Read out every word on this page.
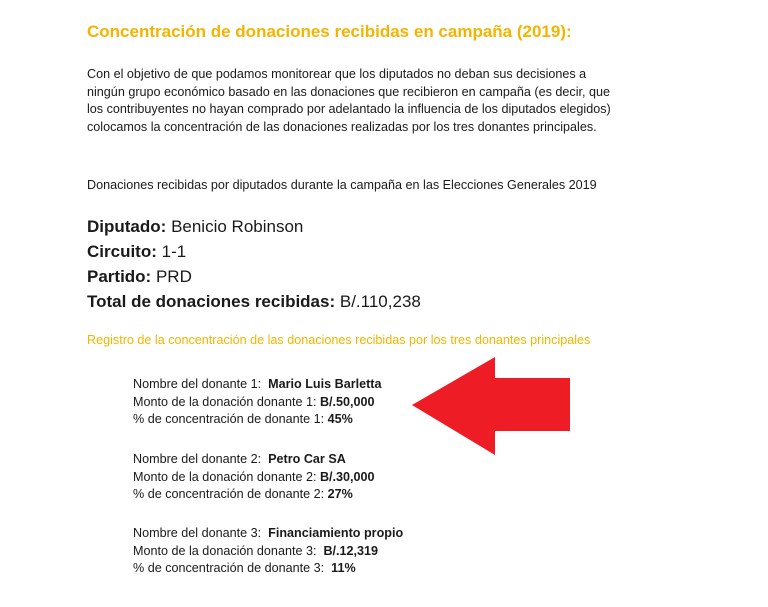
Concentración de donaciones recibidas en campaña (2019):
Con el objetivo de que podamos monitorear que los diputados no deban sus decisiones a
ningún grupo económico basado en las donaciones que recibieron en campaña (es decir, que
los contribuyentes no hayan comprado por adelantado la influencia de los diputados elegidos)
colocamos la concentración de las donaciones realizadas por los tres donantes principales.
Donaciones recibidas por diputados durante la campaña en las Elecciones Generales 2019
Diputado: Benicio Robinson
Circuito: 1-1
Partido: PRD
Total de donaciones recibidas: B/.110,238
Registro de la concentración de las donaciones recibidas por los tres donantes principales
Nombre del donante 1: Mario Luis Barletta
Monto de la donación donante 1: B/.50,000
% de concentración de donante 1: 45%
Nombre del donante 2: Petro Car SA
Monto de la donación donante 2: B/.30,000
% de concentración de donante 2: 27%
Nombre del donante 3: Financiamiento propio
Monto de la donación donante 3: B/.12,319
% de concentración de donante 3: 11%
